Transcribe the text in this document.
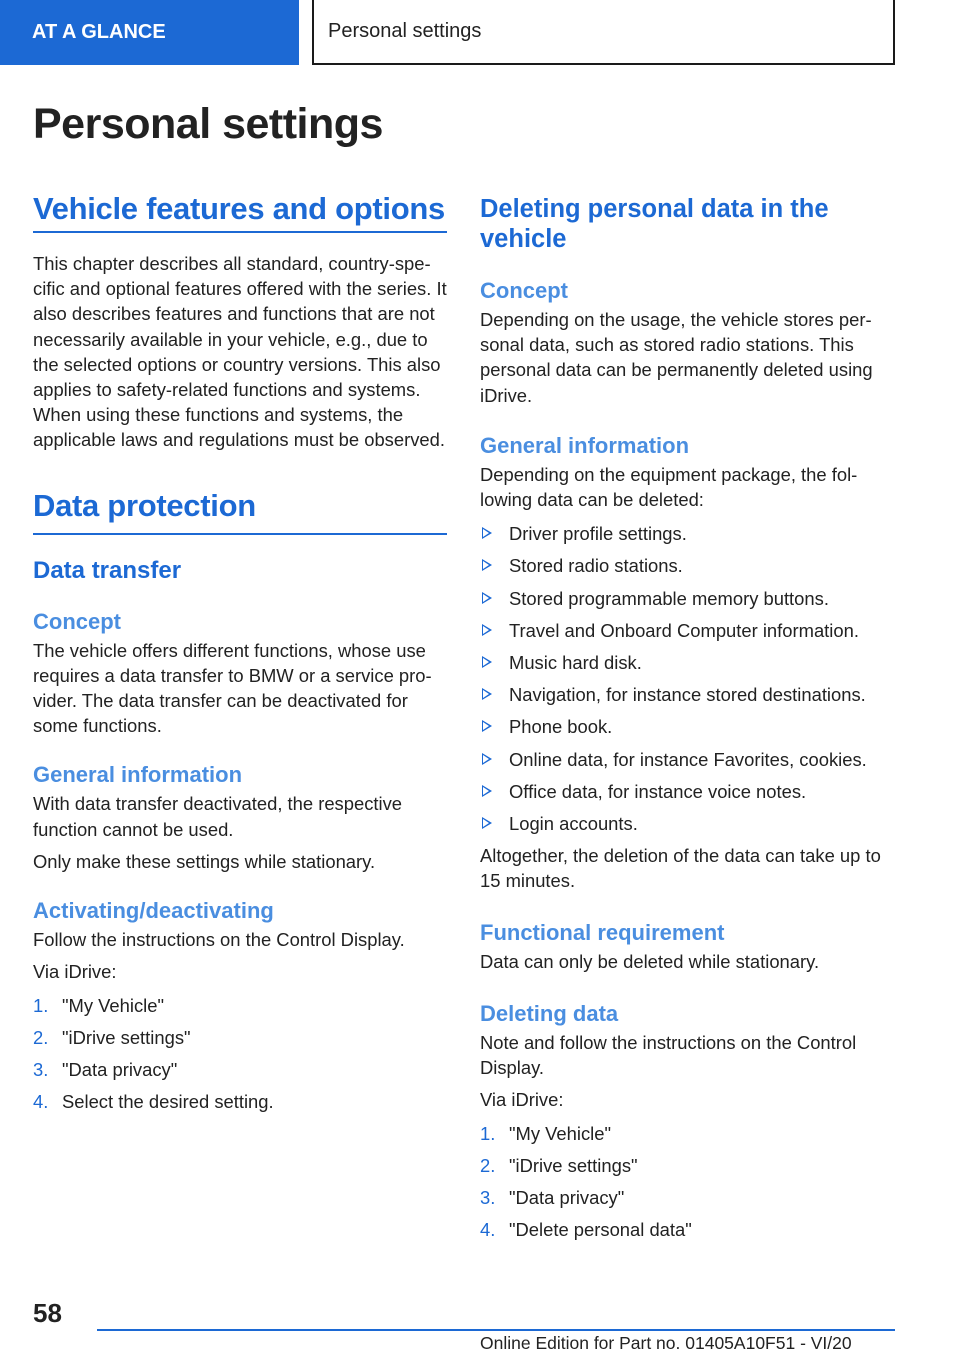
AT A GLANCE	Personal settings
Personal settings
Vehicle features and options

This chapter describes all standard, country-specific and optional features offered with the series. It also describes features and functions that are not necessarily available in your vehicle, e.g., due to the selected options or country versions. This also applies to safety-related functions and systems. When using these functions and systems, the applicable laws and regulations must be observed.

Data protection
Data transfer
Concept

The vehicle offers different functions, whose use requires a data transfer to BMW or a service provider. The data transfer can be deactivated for some functions.

General information

With data transfer deactivated, the respective function cannot be used.

Only make these settings while stationary.

Activating/deactivating

Follow the instructions on the Control Display.

Via iDrive:

1. "My Vehicle"
2. "iDrive settings"
3. "Data privacy"
4. Select the desired setting.
Deleting personal data in the vehicle
Concept

Depending on the usage, the vehicle stores personal data, such as stored radio stations. This personal data can be permanently deleted using iDrive.

General information

Depending on the equipment package, the following data can be deleted:

Driver profile settings.
Stored radio stations.
Stored programmable memory buttons.
Travel and Onboard Computer information.
Music hard disk.
Navigation, for instance stored destinations.
Phone book.
Online data, for instance Favorites, cookies.
Office data, for instance voice notes.
Login accounts.

Altogether, the deletion of the data can take up to 15 minutes.

Functional requirement

Data can only be deleted while stationary.

Deleting data

Note and follow the instructions on the Control Display.

Via iDrive:

1. "My Vehicle"
2. "iDrive settings"
3. "Data privacy"
4. "Delete personal data"
58
Online Edition for Part no. 01405A10F51 - VI/20
